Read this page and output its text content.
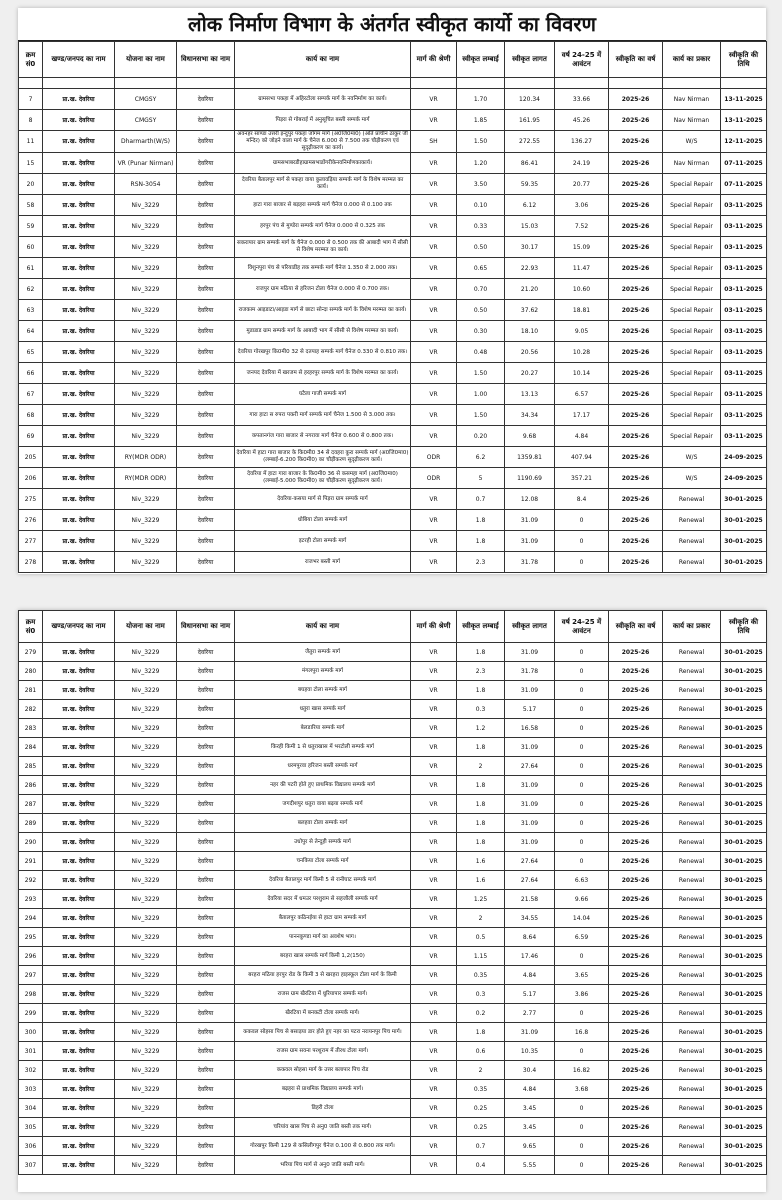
लोक निर्माण विभाग के अंतर्गत स्वीकृत कार्यो का विवरण
क्रम सं0	खण्ड/जनपद का नाम	योजना का नाम	विधानसभा का नाम	कार्य का नाम	मार्ग की श्रेणी	स्वीकृत लम्बाई	स्वीकृत लागत	वर्ष 24-25 में आवंटन	स्वीकृति का वर्ष	कार्य का प्रकार	स्वीकृति की तिथि

7	प्रा.ख. देवरिया	CMGSY	देवरिया	ग्रामसभा पकहा में अहिरटोला सम्पर्क मार्ग के नवनिर्माण का कार्य।	VR	1.70	120.34	33.66	2025-26	Nav Nirman	13-11-2025
8	प्रा.ख. देवरिया	CMGSY	देवरिया	पिड़रा से गोबराई में अनुसूचित बस्ती सम्पर्क मार्ग	VR	1.85	161.95	45.26	2025-26	Nav Nirman	13-11-2025
11	प्रा.ख. देवरिया	Dharmarth(W/S)	देवरिया	अवनहर साण्डा उत्तरी इन्दुपुर पकहा जोगम मार्ग (अ0जि0मा0) (अति प्राचीन ठाकुर जी मन्दिर) को जोड़ने वाला मार्ग के चैनेज 6.000 से 7.500 तक चौड़ीकरण एवं सुदृढ़ीकरण का कार्य।	SH	1.50	272.55	136.27	2025-26	W/S	12-11-2025
15	प्रा.ख. देवरिया	VR (Punar Nirman)	देवरिया	ग्रामसभाबरडीहाग्रामसभाडोंगरीकेनवनिर्माणकाकार्य।	VR	1.20	86.41	24.19	2025-26	Nav Nirman	07-11-2025
20	प्रा.ख. देवरिया	RSN-3054	देवरिया	देवरिया बैतालपुर मार्ग से पकहा वाया कुलावड़िया सम्पर्क मार्ग के विशेष मरम्मत का कार्य।	VR	3.50	59.35	20.77	2025-26	Special Repair	07-11-2025
58	प्रा.ख. देवरिया	Niv_3229	देवरिया	हाटा गारा बाजार से बड़हरा सम्पर्क मार्ग चैनेज 0.000 से 0.100 तक	VR	0.10	6.12	3.06	2025-26	Special Repair	03-11-2025
59	प्रा.ख. देवरिया	Niv_3229	देवरिया	हरपुर पंच से मुण्डेरा सम्पर्क मार्ग चैनेज 0.000 से 0.325 तक	VR	0.33	15.03	7.52	2025-26	Special Repair	03-11-2025
60	प्रा.ख. देवरिया	Niv_3229	देवरिया	सकरापार ग्राम सम्पर्क मार्ग के चैनेज 0.000 से 0.500 तक की आबादी भाग में सीसी से विशेष मरम्मत का कार्य।	VR	0.50	30.17	15.09	2025-26	Special Repair	03-11-2025
61	प्रा.ख. देवरिया	Niv_3229	देवरिया	विशुनपुरा पंच से परियाडीह तक सम्पर्क मार्ग चैनेज 1.350 से 2.000 तक।	VR	0.65	22.93	11.47	2025-26	Special Repair	03-11-2025
62	प्रा.ख. देवरिया	Niv_3229	देवरिया	राजपुर ग्राम मठिया से हरिजन टोला चैनेज 0.000 से 0.700 तक।	VR	0.70	21.20	10.60	2025-26	Special Repair	03-11-2025
63	प्रा.ख. देवरिया	Niv_3229	देवरिया	राजकाम आइडाटा/आइडा मार्ग से छाटा सोन्दा सम्पर्क मार्ग के विशेष मरम्मत का कार्य।	VR	0.50	37.62	18.81	2025-26	Special Repair	03-11-2025
64	प्रा.ख. देवरिया	Niv_3229	देवरिया	मुडाडाड ग्राम सम्पर्क मार्ग के आबादी भाग में सीसी से विशेष मरम्मत का कार्य।	VR	0.30	18.10	9.05	2025-26	Special Repair	03-11-2025
65	प्रा.ख. देवरिया	Niv_3229	देवरिया	देवरिया गोरखपुर कि0मी0 32 से दतपाह सम्पर्क मार्ग चैनेज 0.330 से 0.810 तक।	VR	0.48	20.56	10.28	2025-26	Special Repair	03-11-2025
66	प्रा.ख. देवरिया	Niv_3229	देवरिया	जनपद देवरिया में खरजम से हरहरपुर सम्पर्क मार्ग के विशेष मरम्मत का कार्य।	VR	1.50	20.27	10.14	2025-26	Special Repair	03-11-2025
67	प्रा.ख. देवरिया	Niv_3229	देवरिया	घटैला गाजी सम्पर्क मार्ग	VR	1.00	13.13	6.57	2025-26	Special Repair	03-11-2025
68	प्रा.ख. देवरिया	Niv_3229	देवरिया	गारा हाटा स रुपरा पकरी मार्ग सम्पर्क मार्ग चैनेज 1.500 से 3.000 तक।	VR	1.50	34.34	17.17	2025-26	Special Repair	03-11-2025
69	प्रा.ख. देवरिया	Niv_3229	देवरिया	कपतानगंज गारा बाजार से नगरावा मार्ग चैनेज 0.600 से 0.800 तक।	VR	0.20	9.68	4.84	2025-26	Special Repair	03-11-2025
205	प्रा.ख. देवरिया	RY(MDR ODR)	देवरिया	देवरिया में हाटा गारा बाजार के कि0मी0 34 से दवहरा कुरा सम्पर्क मार्ग (अ0जि0मा0) (लम्बाई-6.200 कि0मी0) का चौड़ीकरण सुदृढ़ीकरण कार्य।	ODR	6.2	1359.81	407.94	2025-26	W/S	24-09-2025
206	प्रा.ख. देवरिया	RY(MDR ODR)	देवरिया	देवरिया में हाटा गारा बाजार के कि0मी0 36 से कसमहा मार्ग (अ0जि0मा0) (लम्बाई-5.000 कि0मी0) का चौड़ीकरण सुदृढ़ीकरण कार्य।	ODR	5	1190.69	357.21	2025-26	W/S	24-09-2025
275	प्रा.ख. देवरिया	Niv_3229	देवरिया	देवरिया-कसया मार्ग से पिड़रा ग्राम सम्पर्क मार्ग	VR	0.7	12.08	8.4	2025-26	Renewal	30-01-2025
276	प्रा.ख. देवरिया	Niv_3229	देवरिया	धोबिया टोला सम्पर्क मार्ग	VR	1.8	31.09	0	2025-26	Renewal	30-01-2025
277	प्रा.ख. देवरिया	Niv_3229	देवरिया	इटरही टोला सम्पर्क मार्ग	VR	1.8	31.09	0	2025-26	Renewal	30-01-2025
278	प्रा.ख. देवरिया	Niv_3229	देवरिया	राजभर बस्ती मार्ग	VR	2.3	31.78	0	2025-26	Renewal	30-01-2025
क्रम सं0	खण्ड/जनपद का नाम	योजना का नाम	विधानसभा का नाम	कार्य का नाम	मार्ग की श्रेणी	स्वीकृत लम्बाई	स्वीकृत लागत	वर्ष 24-25 में आवंटन	स्वीकृति का वर्ष	कार्य का प्रकार	स्वीकृति की तिथि
279	प्रा.ख. देवरिया	Niv_3229	देवरिया	जैतुरा सम्पर्क मार्ग	VR	1.8	31.09	0	2025-26	Renewal	30-01-2025
280	प्रा.ख. देवरिया	Niv_3229	देवरिया	मंगलपुरा सम्पर्क मार्ग	VR	2.3	31.78	0	2025-26	Renewal	30-01-2025
281	प्रा.ख. देवरिया	Niv_3229	देवरिया	बघहवा टोला सम्पर्क मार्ग	VR	1.8	31.09	0	2025-26	Renewal	30-01-2025
282	प्रा.ख. देवरिया	Niv_3229	देवरिया	धतुरा खास सम्पर्क मार्ग	VR	0.3	5.17	0	2025-26	Renewal	30-01-2025
283	प्रा.ख. देवरिया	Niv_3229	देवरिया	बेलडारिया सम्पर्क मार्ग	VR	1.2	16.58	0	2025-26	Renewal	30-01-2025
284	प्रा.ख. देवरिया	Niv_3229	देवरिया	किरही किमी 1 से धतुराखास में भरटोली सम्पर्क मार्ग	VR	1.8	31.09	0	2025-26	Renewal	30-01-2025
285	प्रा.ख. देवरिया	Niv_3229	देवरिया	धरमपुरवा हरिजन बस्ती सम्पर्क मार्ग	VR	2	27.64	0	2025-26	Renewal	30-01-2025
286	प्रा.ख. देवरिया	Niv_3229	देवरिया	नहर की पटरी होते हुए प्राथमिक विद्यालय सम्पर्क मार्ग	VR	1.8	31.09	0	2025-26	Renewal	30-01-2025
287	प्रा.ख. देवरिया	Niv_3229	देवरिया	जगदीशपुर धतुरा वाया बढ़या सम्पर्क मार्ग	VR	1.8	31.09	0	2025-26	Renewal	30-01-2025
289	प्रा.ख. देवरिया	Niv_3229	देवरिया	बलहवा टोला सम्पर्क मार्ग	VR	1.8	31.09	0	2025-26	Renewal	30-01-2025
290	प्रा.ख. देवरिया	Niv_3229	देवरिया	उधोपुर से तेन्दुही सम्पर्क मार्ग	VR	1.8	31.09	0	2025-26	Renewal	30-01-2025
291	प्रा.ख. देवरिया	Niv_3229	देवरिया	चनकिया टोला सम्पर्क मार्ग	VR	1.6	27.64	0	2025-26	Renewal	30-01-2025
292	प्रा.ख. देवरिया	Niv_3229	देवरिया	देवरिया बैतालपुर मार्ग किमी 5 से रानीघाट सम्पर्क मार्ग	VR	1.6	27.64	6.63	2025-26	Renewal	30-01-2025
293	प्रा.ख. देवरिया	Niv_3229	देवरिया	देवरिया सदर में धमउर परशुराम से सहजौली सम्पर्क मार्ग	VR	1.25	21.58	9.66	2025-26	Renewal	30-01-2025
294	प्रा.ख. देवरिया	Niv_3229	देवरिया	बैतालपुर कठिनईया से हाटा ग्राम सम्पर्क मार्ग	VR	2	34.55	14.04	2025-26	Renewal	30-01-2025
295	प्रा.ख. देवरिया	Niv_3229	देवरिया	पाननकुण्डा मार्ग का अवशेष भाग।	VR	0.5	8.64	6.59	2025-26	Renewal	30-01-2025
296	प्रा.ख. देवरिया	Niv_3229	देवरिया	बरहरा खास सम्पर्क मार्ग किमी 1,2(150)	VR	1.15	17.46	0	2025-26	Renewal	30-01-2025
297	प्रा.ख. देवरिया	Niv_3229	देवरिया	बरहरा मठिया हरपुर रोड के किमी 3 से खरहरा हाइस्कूल टोला मार्ग के किमी	VR	0.35	4.84	3.65	2025-26	Renewal	30-01-2025
298	प्रा.ख. देवरिया	Niv_3229	देवरिया	राजस ग्राम खैरटिया में धुरियापार सम्पर्क मार्ग।	VR	0.3	5.17	3.86	2025-26	Renewal	30-01-2025
299	प्रा.ख. देवरिया	Niv_3229	देवरिया	खैरटिया में बनकटी टोला सम्पर्क मार्ग।	VR	0.2	2.77	0	2025-26	Renewal	30-01-2025
300	प्रा.ख. देवरिया	Niv_3229	देवरिया	ककवल सोहसा पिच से बसाड़या डार होते हुए नहर का पटरा नरायनपुर पिच मार्ग।	VR	1.8	31.09	16.8	2025-26	Renewal	30-01-2025
301	प्रा.ख. देवरिया	Niv_3229	देवरिया	राजस ग्राम सवना परशुराम में तीरथ टोला मार्ग।	VR	0.6	10.35	0	2025-26	Renewal	30-01-2025
302	प्रा.ख. देवरिया	Niv_3229	देवरिया	ककवल सोहसा मार्ग के उत्तर बलापार पिच रोड	VR	2	30.4	16.82	2025-26	Renewal	30-01-2025
303	प्रा.ख. देवरिया	Niv_3229	देवरिया	बढ़हरा से प्राथमिक विद्यालय सम्पर्क मार्ग।	VR	0.35	4.84	3.68	2025-26	Renewal	30-01-2025
304	प्रा.ख. देवरिया	Niv_3229	देवरिया	डिहरी टोला	VR	0.25	3.45	0	2025-26	Renewal	30-01-2025
305	प्रा.ख. देवरिया	Niv_3229	देवरिया	चरियांव खास पिच से अनु0 जाति बस्ती तक मार्ग।	VR	0.25	3.45	0	2025-26	Renewal	30-01-2025
306	प्रा.ख. देवरिया	Niv_3229	देवरिया	गोरखपुर किमी 129 से कसिलीगपुर चैनेज 0.100 से 0.800 तक मार्ग।	VR	0.7	9.65	0	2025-26	Renewal	30-01-2025
307	प्रा.ख. देवरिया	Niv_3229	देवरिया	भरिया पिच मार्ग से अनु0 जाति बस्ती मार्ग।	VR	0.4	5.55	0	2025-26	Renewal	30-01-2025
